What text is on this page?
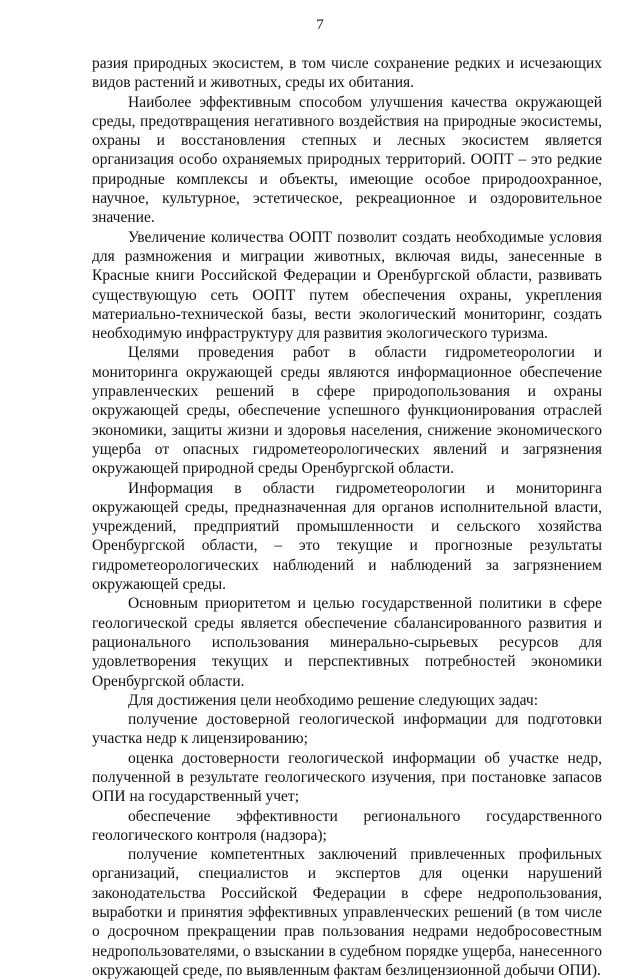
7

разия природных экосистем, в том числе сохранение редких и исчезающих видов растений и животных, среды их обитания.

Наиболее эффективным способом улучшения качества окружающей среды, предотвращения негативного воздействия на природные экосистемы, охраны и восстановления степных и лесных экосистем является организация особо охраняемых природных территорий. ООПТ – это редкие природные комплексы и объекты, имеющие особое природоохранное, научное, культурное, эстетическое, рекреационное и оздоровительное значение.

Увеличение количества ООПТ позволит создать необходимые условия для размножения и миграции животных, включая виды, занесенные в Красные книги Российской Федерации и Оренбургской области, развивать существующую сеть ООПТ путем обеспечения охраны, укрепления материально-технической базы, вести экологический мониторинг, создать необходимую инфраструктуру для развития экологического туризма.

Целями проведения работ в области гидрометеорологии и мониторинга окружающей среды являются информационное обеспечение управленческих решений в сфере природопользования и охраны окружающей среды, обеспечение успешного функционирования отраслей экономики, защиты жизни и здоровья населения, снижение экономического ущерба от опасных гидрометеорологических явлений и загрязнения окружающей природной среды Оренбургской области.

Информация в области гидрометеорологии и мониторинга окружающей среды, предназначенная для органов исполнительной власти, учреждений, предприятий промышленности и сельского хозяйства Оренбургской области, – это текущие и прогнозные результаты гидрометеорологических наблюдений и наблюдений за загрязнением окружающей среды.

Основным приоритетом и целью государственной политики в сфере геологической среды является обеспечение сбалансированного развития и рационального использования минерально-сырьевых ресурсов для удовлетворения текущих и перспективных потребностей экономики Оренбургской области.

Для достижения цели необходимо решение следующих задач:

получение достоверной геологической информации для подготовки участка недр к лицензированию;

оценка достоверности геологической информации об участке недр, полученной в результате геологического изучения, при постановке запасов ОПИ на государственный учет;

обеспечение эффективности регионального государственного геологического контроля (надзора);

получение компетентных заключений привлеченных профильных организаций, специалистов и экспертов для оценки нарушений законодательства Российской Федерации в сфере недропользования, выработки и принятия эффективных управленческих решений (в том числе о досрочном прекращении прав пользования недрами недобросовестным недропользователями, о взыскании в судебном порядке ущерба, нанесенного окружающей среде, по выявленным фактам безлицензионной добычи ОПИ).
